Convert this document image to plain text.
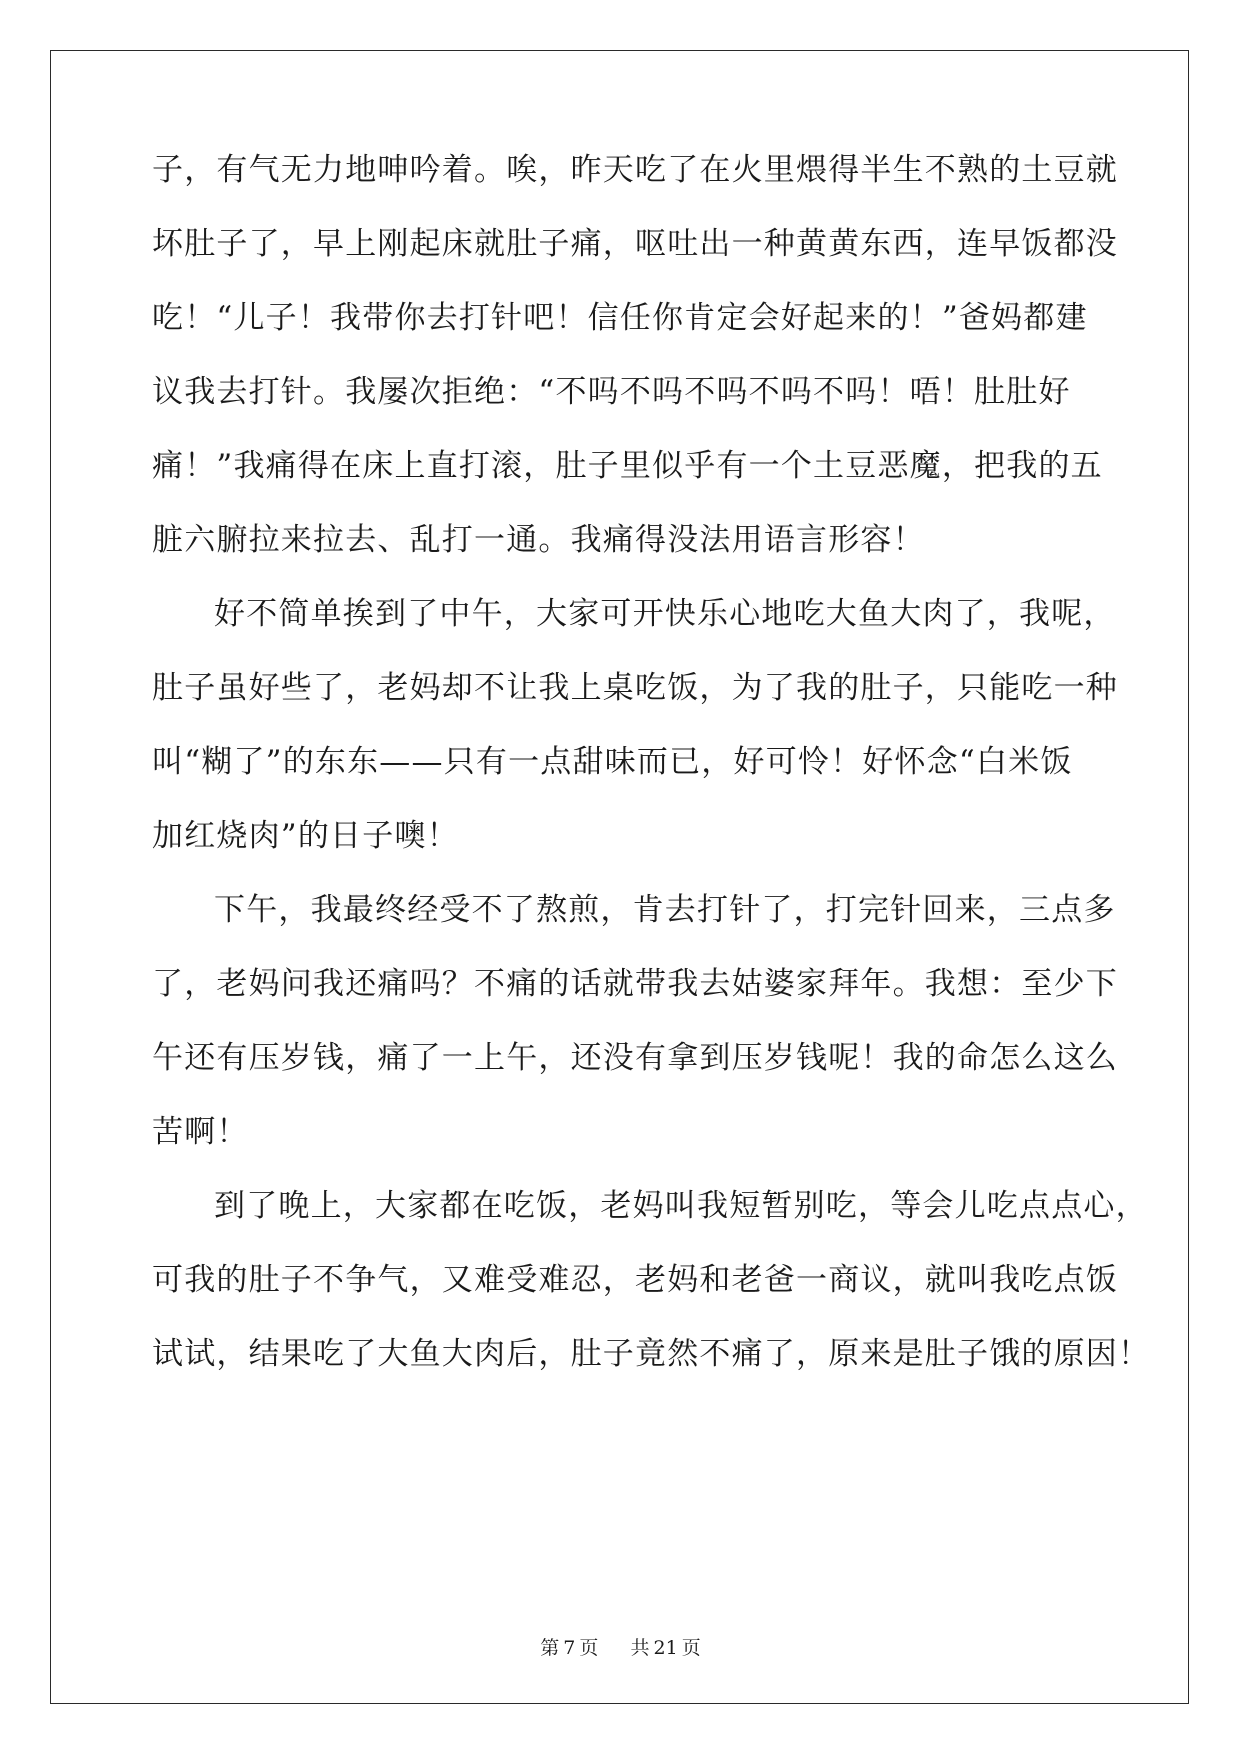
子，有气无力地呻吟着。唉，昨天吃了在火里煨得半生不熟的土豆就
坏肚子了，早上刚起床就肚子痛，呕吐出一种黄黄东西，连早饭都没
吃！“儿子！我带你去打针吧！信任你肯定会好起来的！”爸妈都建
议我去打针。我屡次拒绝：“不吗不吗不吗不吗不吗！唔！肚肚好
痛！”我痛得在床上直打滚，肚子里似乎有一个土豆恶魔，把我的五
脏六腑拉来拉去、乱打一通。我痛得没法用语言形容！
好不简单挨到了中午，大家可开快乐心地吃大鱼大肉了，我呢，
肚子虽好些了，老妈却不让我上桌吃饭，为了我的肚子，只能吃一种
叫“糊了”的东东——只有一点甜味而已，好可怜！好怀念“白米饭
加红烧肉”的日子噢！
下午，我最终经受不了熬煎，肯去打针了，打完针回来，三点多
了，老妈问我还痛吗？不痛的话就带我去姑婆家拜年。我想：至少下
午还有压岁钱，痛了一上午，还没有拿到压岁钱呢！我的命怎么这么
苦啊！
到了晚上，大家都在吃饭，老妈叫我短暂别吃，等会儿吃点点心，
可我的肚子不争气，又难受难忍，老妈和老爸一商议，就叫我吃点饭
试试，结果吃了大鱼大肉后，肚子竟然不痛了，原来是肚子饿的原因！
第 7 页 共 21 页
